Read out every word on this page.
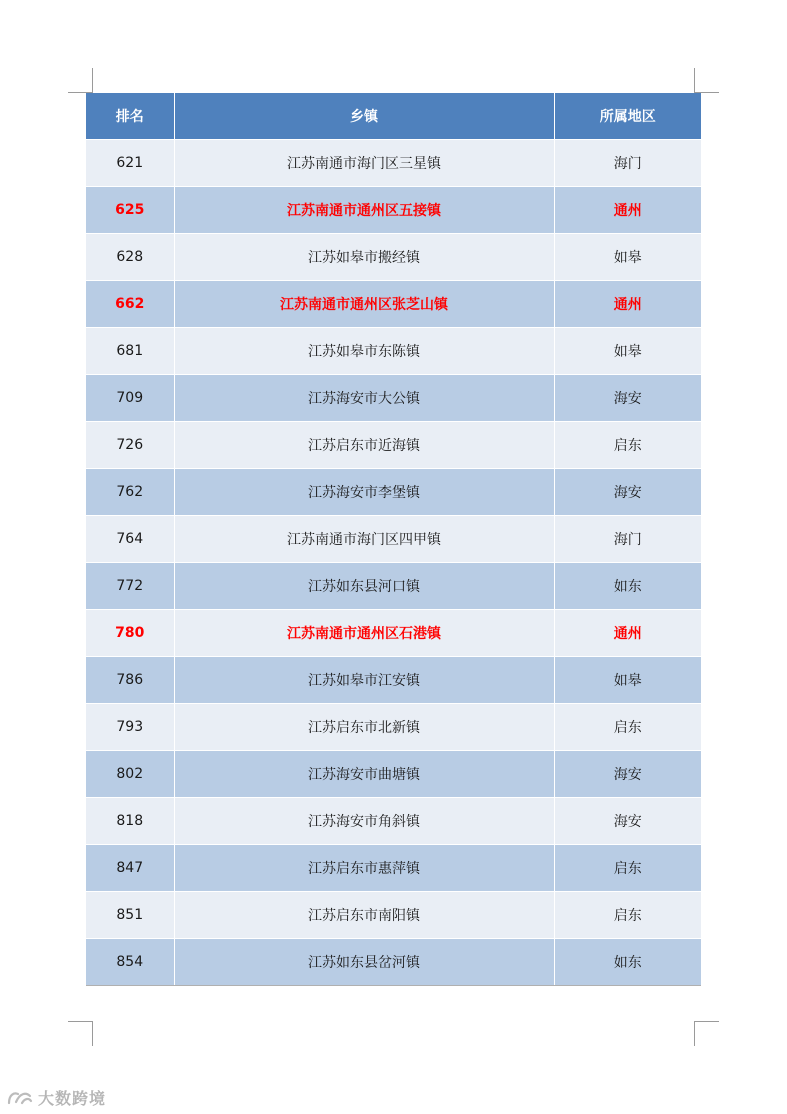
排名	乡镇	所属地区
621	江苏南通市海门区三星镇	海门
625	江苏南通市通州区五接镇	通州
628	江苏如皋市搬经镇	如皋
662	江苏南通市通州区张芝山镇	通州
681	江苏如皋市东陈镇	如皋
709	江苏海安市大公镇	海安
726	江苏启东市近海镇	启东
762	江苏海安市李堡镇	海安
764	江苏南通市海门区四甲镇	海门
772	江苏如东县河口镇	如东
780	江苏南通市通州区石港镇	通州
786	江苏如皋市江安镇	如皋
793	江苏启东市北新镇	启东
802	江苏海安市曲塘镇	海安
818	江苏海安市角斜镇	海安
847	江苏启东市惠萍镇	启东
851	江苏启东市南阳镇	启东
854	江苏如东县岔河镇	如东
大数跨境
